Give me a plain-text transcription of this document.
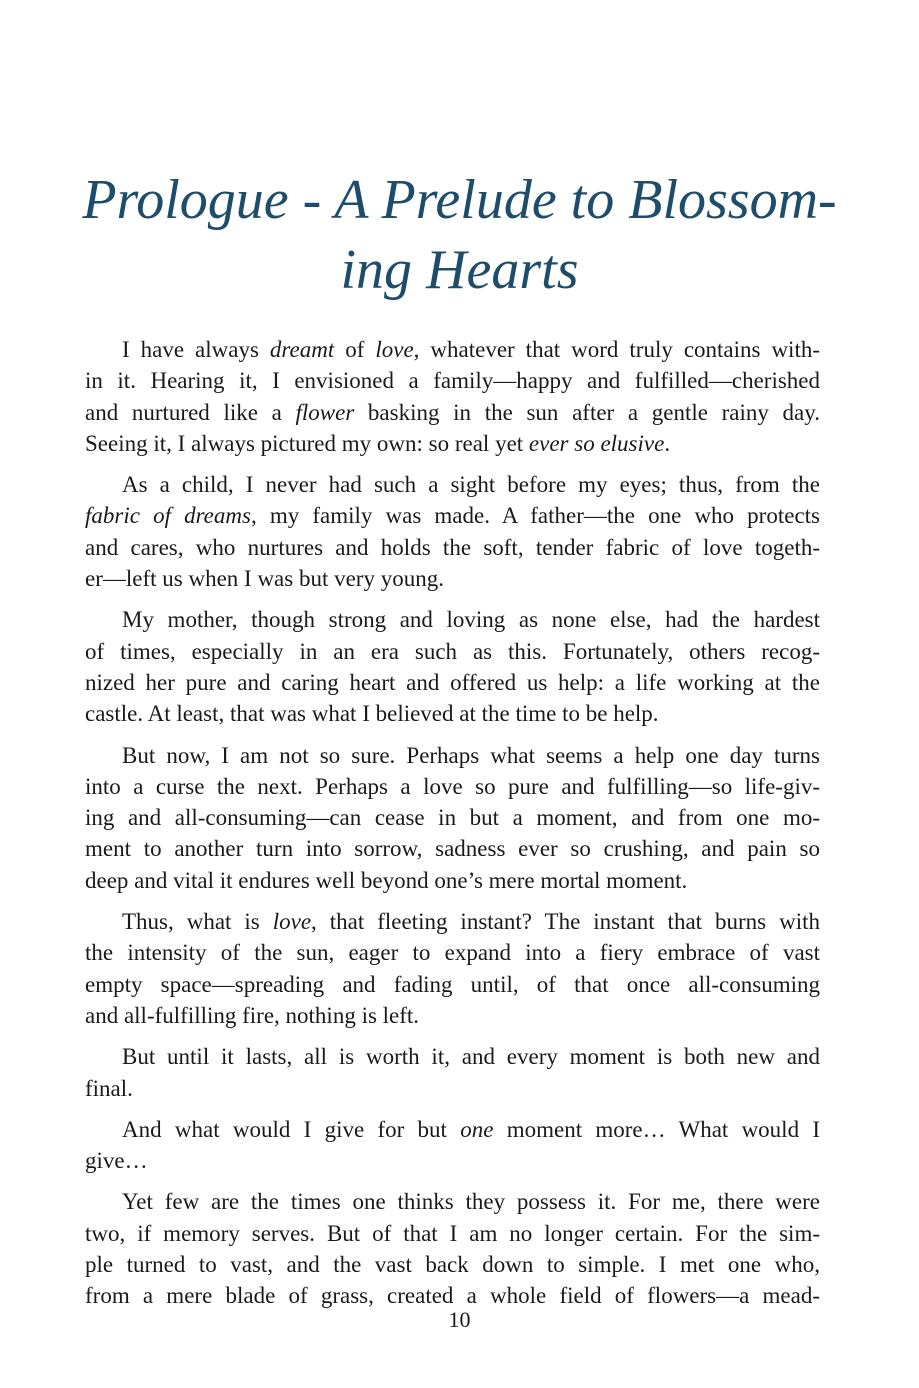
Prologue - A Prelude to Blossom-
ing Hearts
I have always dreamt of love, whatever that word truly contains with-
in it. Hearing it, I envisioned a family—happy and fulfilled—cherished
and nurtured like a flower basking in the sun after a gentle rainy day.
Seeing it, I always pictured my own: so real yet ever so elusive.
As a child, I never had such a sight before my eyes; thus, from the
fabric of dreams, my family was made. A father—the one who protects
and cares, who nurtures and holds the soft, tender fabric of love togeth-
er—left us when I was but very young.
My mother, though strong and loving as none else, had the hardest
of times, especially in an era such as this. Fortunately, others recog-
nized her pure and caring heart and offered us help: a life working at the
castle. At least, that was what I believed at the time to be help.
But now, I am not so sure. Perhaps what seems a help one day turns
into a curse the next. Perhaps a love so pure and fulfilling—so life-giv-
ing and all-consuming—can cease in but a moment, and from one mo-
ment to another turn into sorrow, sadness ever so crushing, and pain so
deep and vital it endures well beyond one’s mere mortal moment.
Thus, what is love, that fleeting instant? The instant that burns with
the intensity of the sun, eager to expand into a fiery embrace of vast
empty space—spreading and fading until, of that once all-consuming
and all-fulfilling fire, nothing is left.
But until it lasts, all is worth it, and every moment is both new and
final.
And what would I give for but one moment more… What would I
give…
Yet few are the times one thinks they possess it. For me, there were
two, if memory serves. But of that I am no longer certain. For the sim-
ple turned to vast, and the vast back down to simple. I met one who,
from a mere blade of grass, created a whole field of flowers—a mead-
10
